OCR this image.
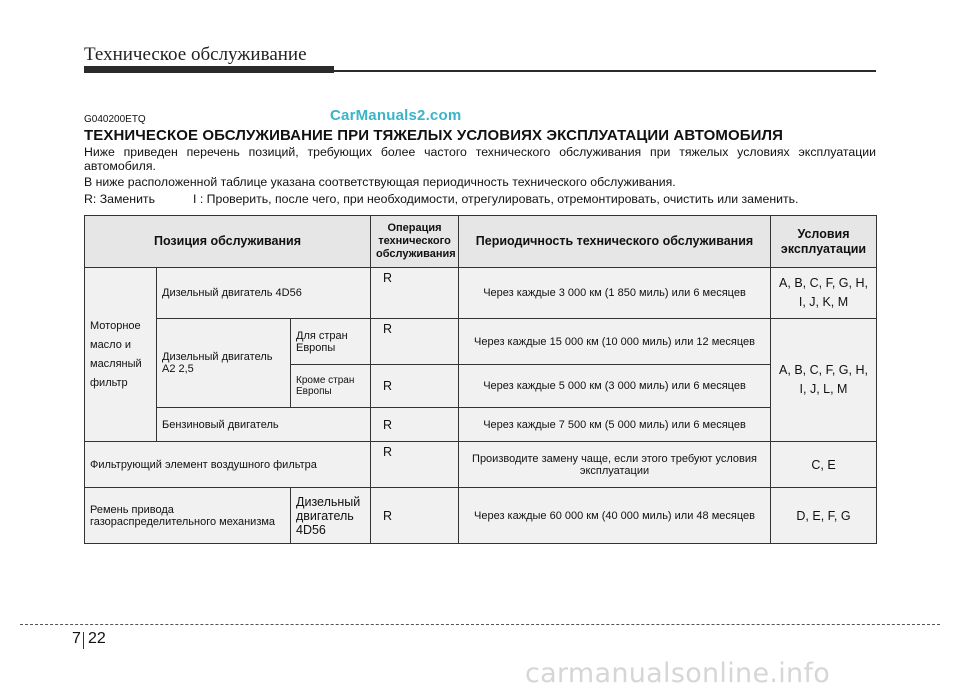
Техническое обслуживание
G040200ETQ	CarManuals2.com
ТЕХНИЧЕСКОЕ ОБСЛУЖИВАНИЕ ПРИ ТЯЖЕЛЫХ УСЛОВИЯХ ЭКСПЛУАТАЦИИ АВТОМОБИЛЯ
Ниже приведен перечень позиций, требующих более частого технического обслуживания при тяжелых условиях эксплуатации автомобиля.
В ниже расположенной таблице указана соответствующая периодичность технического обслуживания.
R: Заменить	I : Проверить, после чего, при необходимости, отрегулировать, отремонтировать, очистить или заменить.
Позиция обслуживания			Операция технического обслуживания	Периодичность технического обслуживания	Условия эксплуатации
Моторное масло и масляный фильтр	Дизельный двигатель 4D56		R	Через каждые 3 000 км (1 850 миль) или 6 месяцев	A, B, C, F, G, H, I, J, K, M
	Дизельный двигатель A2 2,5	Для стран Европы	R	Через каждые 15 000 км (10 000 миль) или 12 месяцев	A, B, C, F, G, H, I, J, L, M
		Кроме стран Европы	R	Через каждые 5 000 км (3 000 миль) или 6 месяцев	
	Бензиновый двигатель		R	Через каждые 7 500 км (5 000 миль) или 6 месяцев	
Фильтрующий элемент воздушного фильтра			R	Производите замену чаще, если этого требуют условия эксплуатации	C, E
Ремень привода газораспределительного механизма		Дизельный двигатель 4D56	R	Через каждые 60 000 км (40 000 миль) или 48 месяцев	D, E, F, G
7 22
carmanualsonline.info
